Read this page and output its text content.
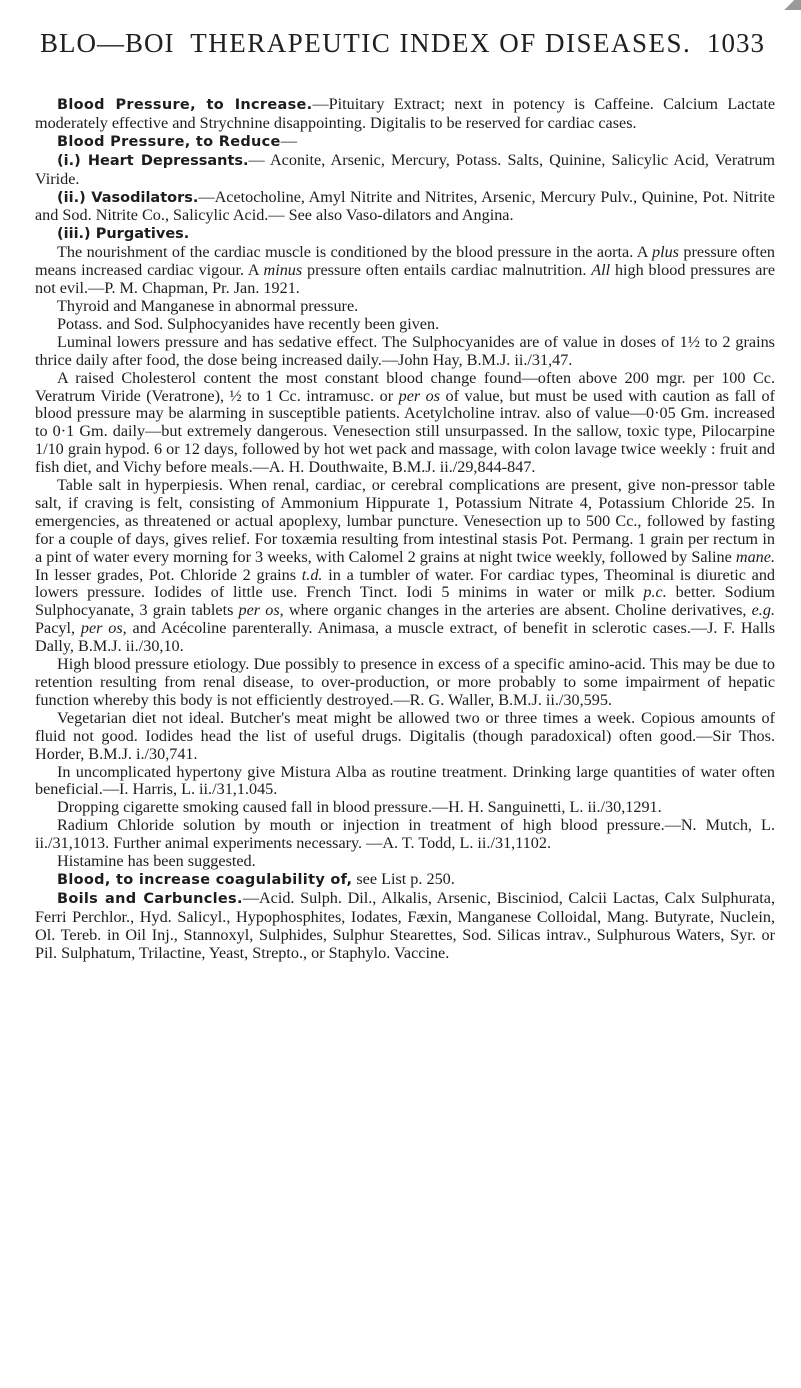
BLO—BOI THERAPEUTIC INDEX OF DISEASES. 1033

Blood Pressure, to Increase.—Pituitary Extract; next in potency is Caffeine. Calcium Lactate moderately effective and Strychnine disappointing. Digitalis to be reserved for cardiac cases.

Blood Pressure, to Reduce—

(i.) Heart Depressants.— Aconite, Arsenic, Mercury, Potass. Salts, Quinine, Salicylic Acid, Veratrum Viride.

(ii.) Vasodilators.—Acetocholine, Amyl Nitrite and Nitrites, Arsenic, Mercury Pulv., Quinine, Pot. Nitrite and Sod. Nitrite Co., Salicylic Acid.— See also Vaso-dilators and Angina.

(iii.) Purgatives.

The nourishment of the cardiac muscle is conditioned by the blood pressure in the aorta. A plus pressure often means increased cardiac vigour. A minus pressure often entails cardiac malnutrition. All high blood pressures are not evil.—P. M. Chapman, Pr. Jan. 1921.

Thyroid and Manganese in abnormal pressure.

Potass. and Sod. Sulphocyanides have recently been given.

Luminal lowers pressure and has sedative effect. The Sulphocyanides are of value in doses of 1½ to 2 grains thrice daily after food, the dose being increased daily.—John Hay, B.M.J. ii./31,47.

A raised Cholesterol content the most constant blood change found—often above 200 mgr. per 100 Cc. Veratrum Viride (Veratrone), ½ to 1 Cc. intramusc. or per os of value, but must be used with caution as fall of blood pressure may be alarming in susceptible patients. Acetylcholine intrav. also of value—0·05 Gm. increased to 0·1 Gm. daily—but extremely dangerous. Venesection still unsurpassed. In the sallow, toxic type, Pilocarpine 1/10 grain hypod. 6 or 12 days, followed by hot wet pack and massage, with colon lavage twice weekly : fruit and fish diet, and Vichy before meals.—A. H. Douthwaite, B.M.J. ii./29,844-847.

Table salt in hyperpiesis. When renal, cardiac, or cerebral complications are present, give non-pressor table salt, if craving is felt, consisting of Ammonium Hippurate 1, Potassium Nitrate 4, Potassium Chloride 25. In emergencies, as threatened or actual apoplexy, lumbar puncture. Venesection up to 500 Cc., followed by fasting for a couple of days, gives relief. For toxæmia resulting from intestinal stasis Pot. Permang. 1 grain per rectum in a pint of water every morning for 3 weeks, with Calomel 2 grains at night twice weekly, followed by Saline mane. In lesser grades, Pot. Chloride 2 grains t.d. in a tumbler of water. For cardiac types, Theominal is diuretic and lowers pressure. Iodides of little use. French Tinct. Iodi 5 minims in water or milk p.c. better. Sodium Sulphocyanate, 3 grain tablets per os, where organic changes in the arteries are absent. Choline derivatives, e.g. Pacyl, per os, and Acécoline parenterally. Animasa, a muscle extract, of benefit in sclerotic cases.—J. F. Halls Dally, B.M.J. ii./30,10.

High blood pressure etiology. Due possibly to presence in excess of a specific amino-acid. This may be due to retention resulting from renal disease, to over-production, or more probably to some impairment of hepatic function whereby this body is not efficiently destroyed.—R. G. Waller, B.M.J. ii./30,595.

Vegetarian diet not ideal. Butcher's meat might be allowed two or three times a week. Copious amounts of fluid not good. Iodides head the list of useful drugs. Digitalis (though paradoxical) often good.—Sir Thos. Horder, B.M.J. i./30,741.

In uncomplicated hypertony give Mistura Alba as routine treatment. Drinking large quantities of water often beneficial.—I. Harris, L. ii./31,1.045.

Dropping cigarette smoking caused fall in blood pressure.—H. H. Sanguinetti, L. ii./30,1291.

Radium Chloride solution by mouth or injection in treatment of high blood pressure.—N. Mutch, L. ii./31,1013. Further animal experiments necessary. —A. T. Todd, L. ii./31,1102.

Histamine has been suggested.

Blood, to increase coagulability of, see List p. 250.

Boils and Carbuncles.—Acid. Sulph. Dil., Alkalis, Arsenic, Bisciniod, Calcii Lactas, Calx Sulphurata, Ferri Perchlor., Hyd. Salicyl., Hypophosphites, Iodates, Fæxin, Manganese Colloidal, Mang. Butyrate, Nuclein, Ol. Tereb. in Oil Inj., Stannoxyl, Sulphides, Sulphur Stearettes, Sod. Silicas intrav., Sulphurous Waters, Syr. or Pil. Sulphatum, Trilactine, Yeast, Strepto., or Staphylo. Vaccine.
